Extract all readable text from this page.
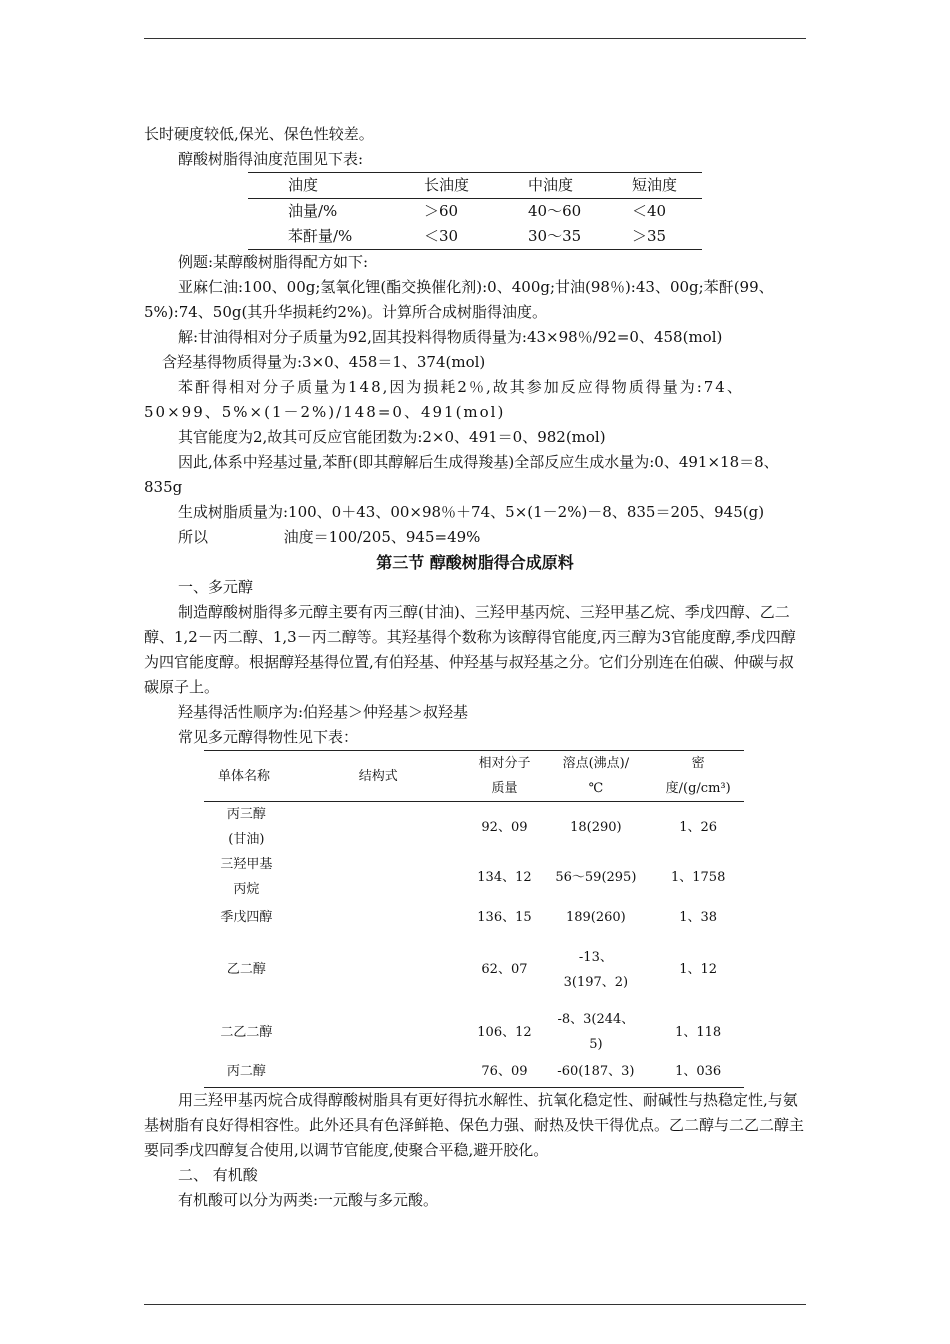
长时硬度较低,保光、保色性较差。

醇酸树脂得油度范围见下表:

油度	长油度	中油度	短油度
油量/%	＞60	40～60	＜40
苯酐量/%	＜30	30～35	＞35

例题:某醇酸树脂得配方如下:

亚麻仁油:100、00g;氢氧化锂(酯交换催化剂):0、400g;甘油(98％):43、00g;苯酐(99、5%):74、50g(其升华损耗约2%)。计算所合成树脂得油度。

解:甘油得相对分子质量为92,固其投料得物质得量为:43×98％/92=0、458(mol)

含羟基得物质得量为:3×0、458＝1、374(mol)

苯酐得相对分子质量为148,因为损耗2％,故其参加反应得物质得量为:74、50×99、5%×(1－2%)/148=0、491(mol)

其官能度为2,故其可反应官能团数为:2×0、491＝0、982(mol)

因此,体系中羟基过量,苯酐(即其醇解后生成得羧基)全部反应生成水量为:0、491×18＝8、835g

生成树脂质量为:100、0＋43、00×98％＋74、5×(1－2%)－8、835＝205、945(g)

所以	油度＝100/205、945=49%

第三节 醇酸树脂得合成原料

一、多元醇

制造醇酸树脂得多元醇主要有丙三醇(甘油)、三羟甲基丙烷、三羟甲基乙烷、季戊四醇、乙二醇、1,2－丙二醇、1,3－丙二醇等。其羟基得个数称为该醇得官能度,丙三醇为3官能度醇,季戊四醇为四官能度醇。根据醇羟基得位置,有伯羟基、仲羟基与叔羟基之分。它们分别连在伯碳、仲碳与叔碳原子上。

羟基得活性顺序为:伯羟基＞仲羟基＞叔羟基

常见多元醇得物性见下表：

单体名称	结构式	相对分子质量	溶点(沸点)/ ℃	密度/(g/cm³)
丙三醇(甘油)		92、09	18(290)	1、26
三羟甲基丙烷		134、12	56～59(295)	1、1758
季戊四醇		136、15	189(260)	1、38
乙二醇		62、07	-13、3(197、2)	1、12
二乙二醇		106、12	-8、3(244、5)	1、118
丙二醇		76、09	-60(187、3)	1、036

用三羟甲基丙烷合成得醇酸树脂具有更好得抗水解性、抗氧化稳定性、耐碱性与热稳定性,与氨基树脂有良好得相容性。此外还具有色泽鲜艳、保色力强、耐热及快干得优点。乙二醇与二乙二醇主要同季戊四醇复合使用,以调节官能度,使聚合平稳,避开胶化。

二、 有机酸

有机酸可以分为两类:一元酸与多元酸。
